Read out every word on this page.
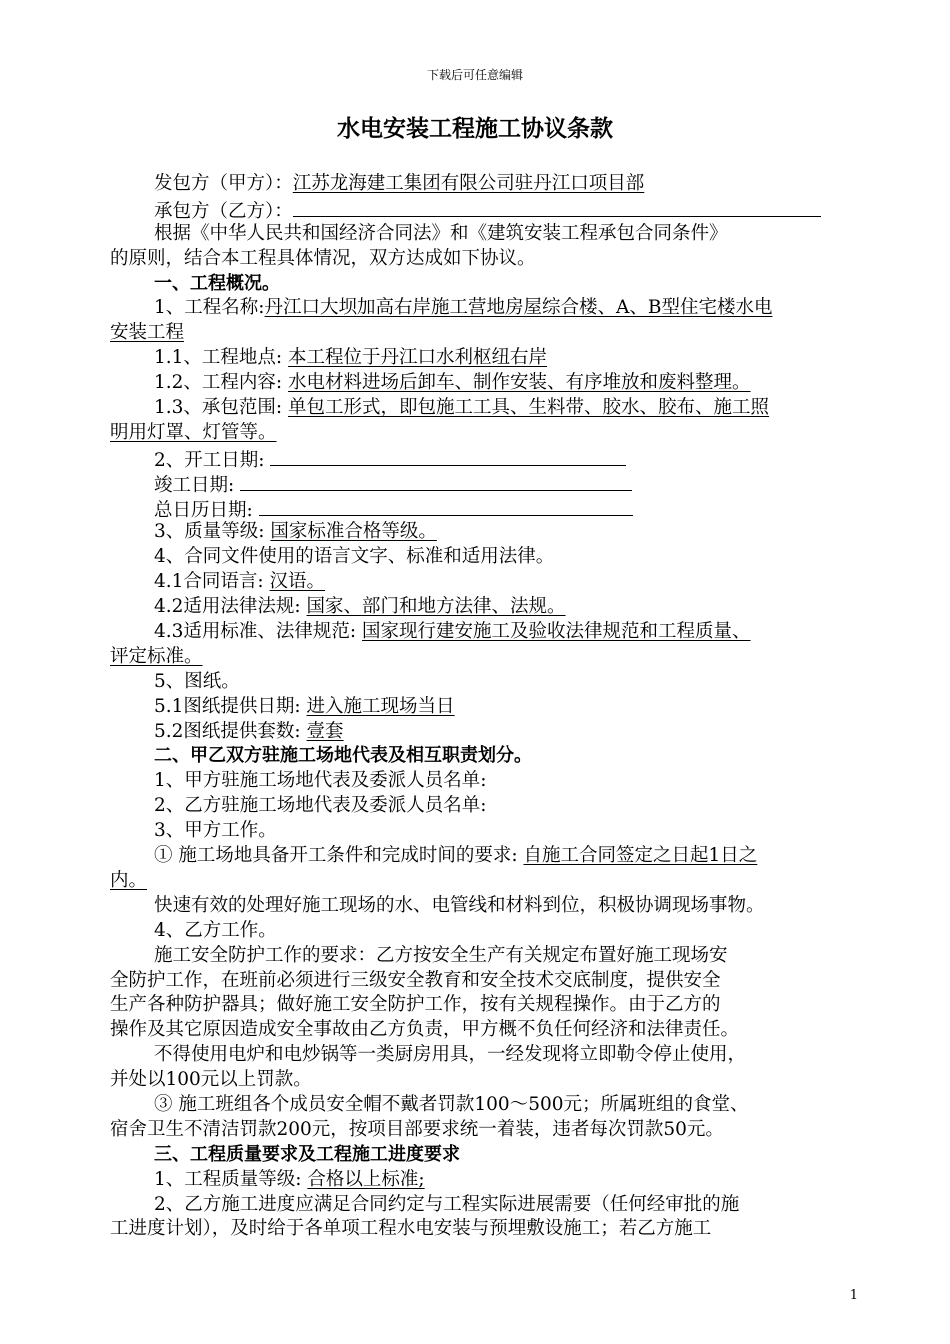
下载后可任意编辑
水电安装工程施工协议条款
发包方（甲方）：江苏龙海建工集团有限公司驻丹江口项目部
承包方（乙方）：
根据《中华人民共和国经济合同法》和《建筑安装工程承包合同条件》
的原则，结合本工程具体情况，双方达成如下协议。
一、工程概况。
1、工程名称:丹江口大坝加高右岸施工营地房屋综合楼、A、B型住宅楼水电
安装工程
1.1、工程地点: 本工程位于丹江口水利枢纽右岸
1.2、工程内容: 水电材料进场后卸车、制作安装、有序堆放和废料整理。
1.3、承包范围: 单包工形式，即包施工工具、生料带、胶水、胶布、施工照
明用灯罩、灯管等。
2、开工日期:
竣工日期:
总日历日期:
3、质量等级: 国家标准合格等级。
4、合同文件使用的语言文字、标准和适用法律。
4.1合同语言: 汉语。
4.2适用法律法规: 国家、部门和地方法律、法规。
4.3适用标准、法律规范: 国家现行建安施工及验收法律规范和工程质量、
评定标准。
5、图纸。
5.1图纸提供日期: 进入施工现场当日
5.2图纸提供套数: 壹套
二、甲乙双方驻施工场地代表及相互职责划分。
1、甲方驻施工场地代表及委派人员名单:
2、乙方驻施工场地代表及委派人员名单:
3、甲方工作。
① 施工场地具备开工条件和完成时间的要求: 自施工合同签定之日起1日之
内。
快速有效的处理好施工现场的水、电管线和材料到位，积极协调现场事物。
4、乙方工作。
施工安全防护工作的要求：乙方按安全生产有关规定布置好施工现场安
全防护工作，在班前必须进行三级安全教育和安全技术交底制度，提供安全
生产各种防护器具；做好施工安全防护工作，按有关规程操作。由于乙方的
操作及其它原因造成安全事故由乙方负责，甲方概不负任何经济和法律责任。
不得使用电炉和电炒锅等一类厨房用具，一经发现将立即勒令停止使用，
并处以100元以上罚款。
③ 施工班组各个成员安全帽不戴者罚款100～500元；所属班组的食堂、
宿舍卫生不清洁罚款200元，按项目部要求统一着装，违者每次罚款50元。
三、工程质量要求及工程施工进度要求
1、工程质量等级: 合格以上标准;
2、乙方施工进度应满足合同约定与工程实际进展需要（任何经审批的施
工进度计划），及时给于各单项工程水电安装与预埋敷设施工；若乙方施工
1
